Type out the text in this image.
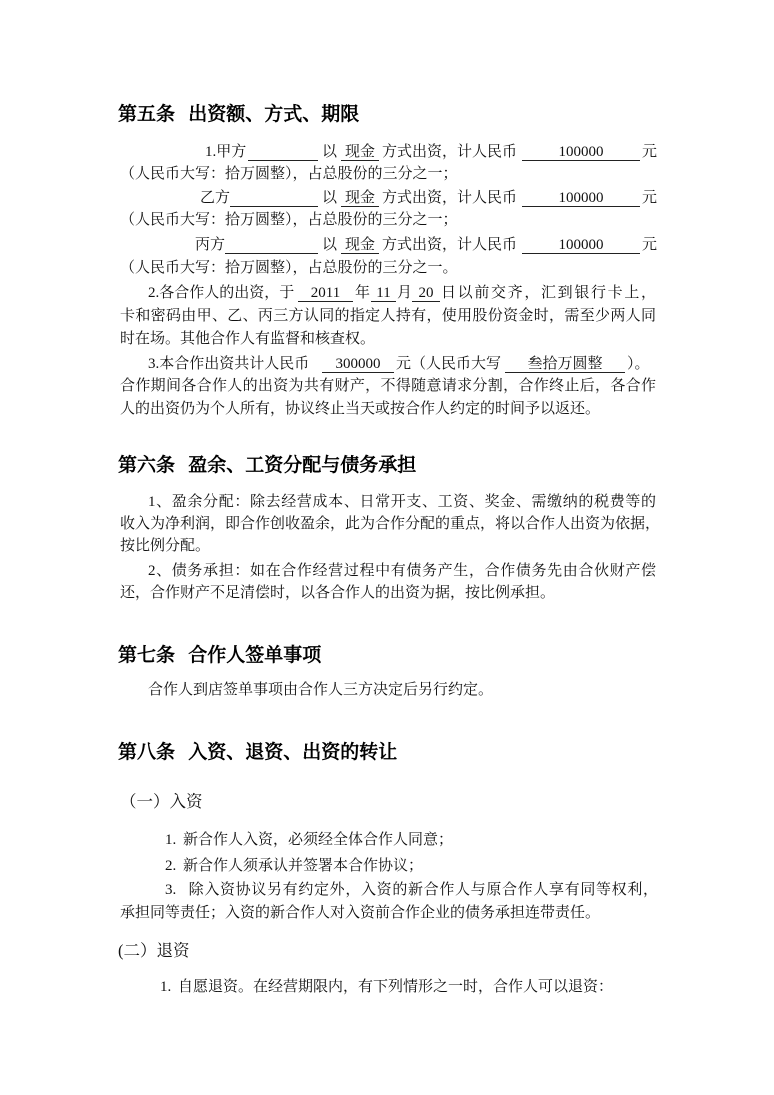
第五条 出资额、方式、期限
1.甲方	以 现金 方式出资，计人民币	100000	元
（人民币大写：拾万圆整），占总股份的三分之一；
乙方	以 现金 方式出资，计人民币	100000	元
（人民币大写：拾万圆整），占总股份的三分之一；
丙方	以 现金 方式出资，计人民币	100000	元
（人民币大写：拾万圆整），占总股份的三分之一。
2.各合作人的出资，于	2011 年 11 月 20 日以前交齐，汇到银行卡上，
卡和密码由甲、乙、丙三方认同的指定人持有，使用股份资金时，需至少两人同
时在场。其他合作人有监督和核查权。
3.本合作出资共计人民币	300000	元（人民币大写	叁拾万圆整	）。
合作期间各合作人的出资为共有财产，不得随意请求分割，合作终止后，各合作
人的出资仍为个人所有，协议终止当天或按合作人约定的时间予以返还。
第六条 盈余、工资分配与债务承担
1、盈余分配：除去经营成本、日常开支、工资、奖金、需缴纳的税费等的
收入为净利润，即合作创收盈余，此为合作分配的重点，将以合作人出资为依据，
按比例分配。
2、债务承担：如在合作经营过程中有债务产生，合作债务先由合伙财产偿
还，合作财产不足清偿时，以各合作人的出资为据，按比例承担。
第七条 合作人签单事项
合作人到店签单事项由合作人三方决定后另行约定。
第八条 入资、退资、出资的转让
（一）入资
1. 新合作人入资，必须经全体合作人同意；
2. 新合作人须承认并签署本合作协议；
3. 除入资协议另有约定外，入资的新合作人与原合作人享有同等权利，
承担同等责任；入资的新合作人对入资前合作企业的债务承担连带责任。
(二）退资
1. 自愿退资。在经营期限内，有下列情形之一时，合作人可以退资：
